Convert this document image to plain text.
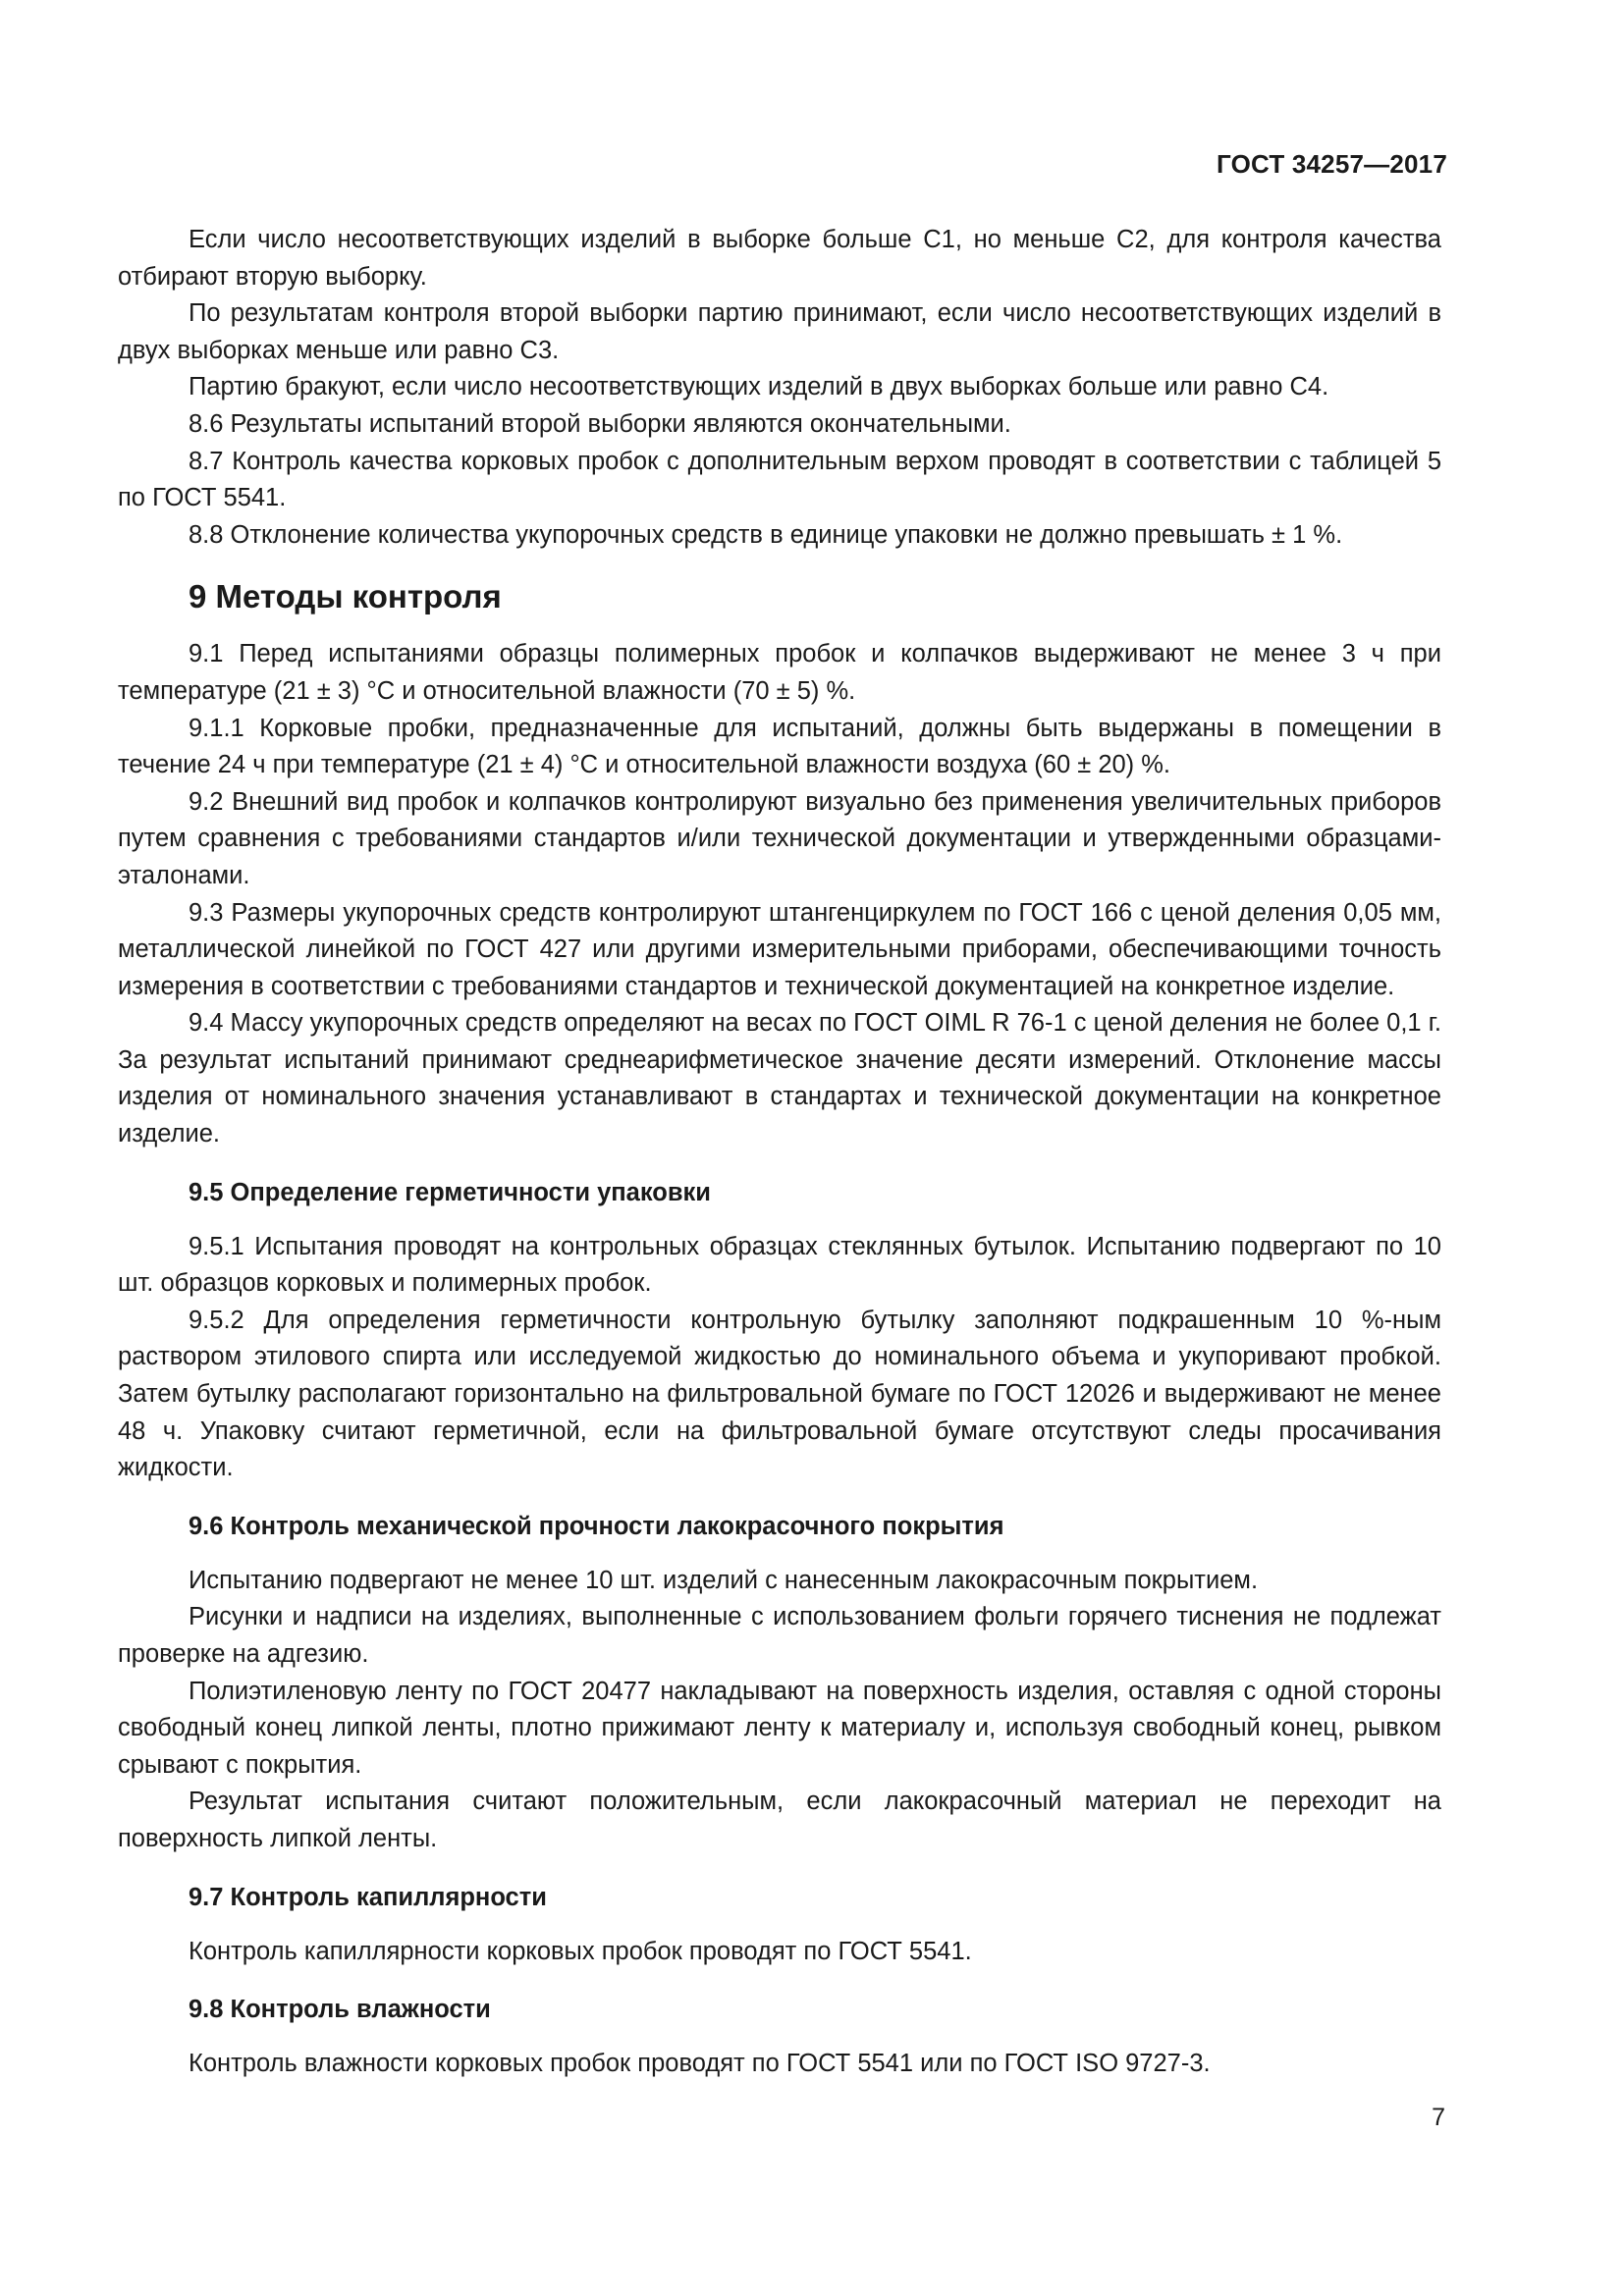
ГОСТ 34257—2017

Если число несоответствующих изделий в выборке больше С1, но меньше С2, для контроля качества отбирают вторую выборку.

По результатам контроля второй выборки партию принимают, если число несоответствующих изделий в двух выборках меньше или равно С3.

Партию бракуют, если число несоответствующих изделий в двух выборках больше или равно С4.

8.6 Результаты испытаний второй выборки являются окончательными.

8.7 Контроль качества корковых пробок с дополнительным верхом проводят в соответствии с таблицей 5 по ГОСТ 5541.

8.8 Отклонение количества укупорочных средств в единице упаковки не должно превышать ± 1 %.

9 Методы контроля

9.1 Перед испытаниями образцы полимерных пробок и колпачков выдерживают не менее 3 ч при температуре (21 ± 3) °С и относительной влажности (70 ± 5) %.

9.1.1 Корковые пробки, предназначенные для испытаний, должны быть выдержаны в помещении в течение 24 ч при температуре (21 ± 4) °С и относительной влажности воздуха (60 ± 20) %.

9.2 Внешний вид пробок и колпачков контролируют визуально без применения увеличительных приборов путем сравнения с требованиями стандартов и/или технической документации и утвержденными образцами-эталонами.

9.3 Размеры укупорочных средств контролируют штангенциркулем по ГОСТ 166 с ценой деления 0,05 мм, металлической линейкой по ГОСТ 427 или другими измерительными приборами, обеспечивающими точность измерения в соответствии с требованиями стандартов и технической документацией на конкретное изделие.

9.4 Массу укупорочных средств определяют на весах по ГОСТ OIML R 76-1 с ценой деления не более 0,1 г. За результат испытаний принимают среднеарифметическое значение десяти измерений. Отклонение массы изделия от номинального значения устанавливают в стандартах и технической документации на конкретное изделие.

9.5 Определение герметичности упаковки

9.5.1 Испытания проводят на контрольных образцах стеклянных бутылок. Испытанию подвергают по 10 шт. образцов корковых и полимерных пробок.

9.5.2 Для определения герметичности контрольную бутылку заполняют подкрашенным 10 %-ным раствором этилового спирта или исследуемой жидкостью до номинального объема и укупоривают пробкой. Затем бутылку располагают горизонтально на фильтровальной бумаге по ГОСТ 12026 и выдерживают не менее 48 ч. Упаковку считают герметичной, если на фильтровальной бумаге отсутствуют следы просачивания жидкости.

9.6 Контроль механической прочности лакокрасочного покрытия

Испытанию подвергают не менее 10 шт. изделий с нанесенным лакокрасочным покрытием.

Рисунки и надписи на изделиях, выполненные с использованием фольги горячего тиснения не подлежат проверке на адгезию.

Полиэтиленовую ленту по ГОСТ 20477 накладывают на поверхность изделия, оставляя с одной стороны свободный конец липкой ленты, плотно прижимают ленту к материалу и, используя свободный конец, рывком срывают с покрытия.

Результат испытания считают положительным, если лакокрасочный материал не переходит на поверхность липкой ленты.

9.7 Контроль капиллярности

Контроль капиллярности корковых пробок проводят по ГОСТ 5541.

9.8 Контроль влажности

Контроль влажности корковых пробок проводят по ГОСТ 5541 или по ГОСТ ISO 9727-3.

7
